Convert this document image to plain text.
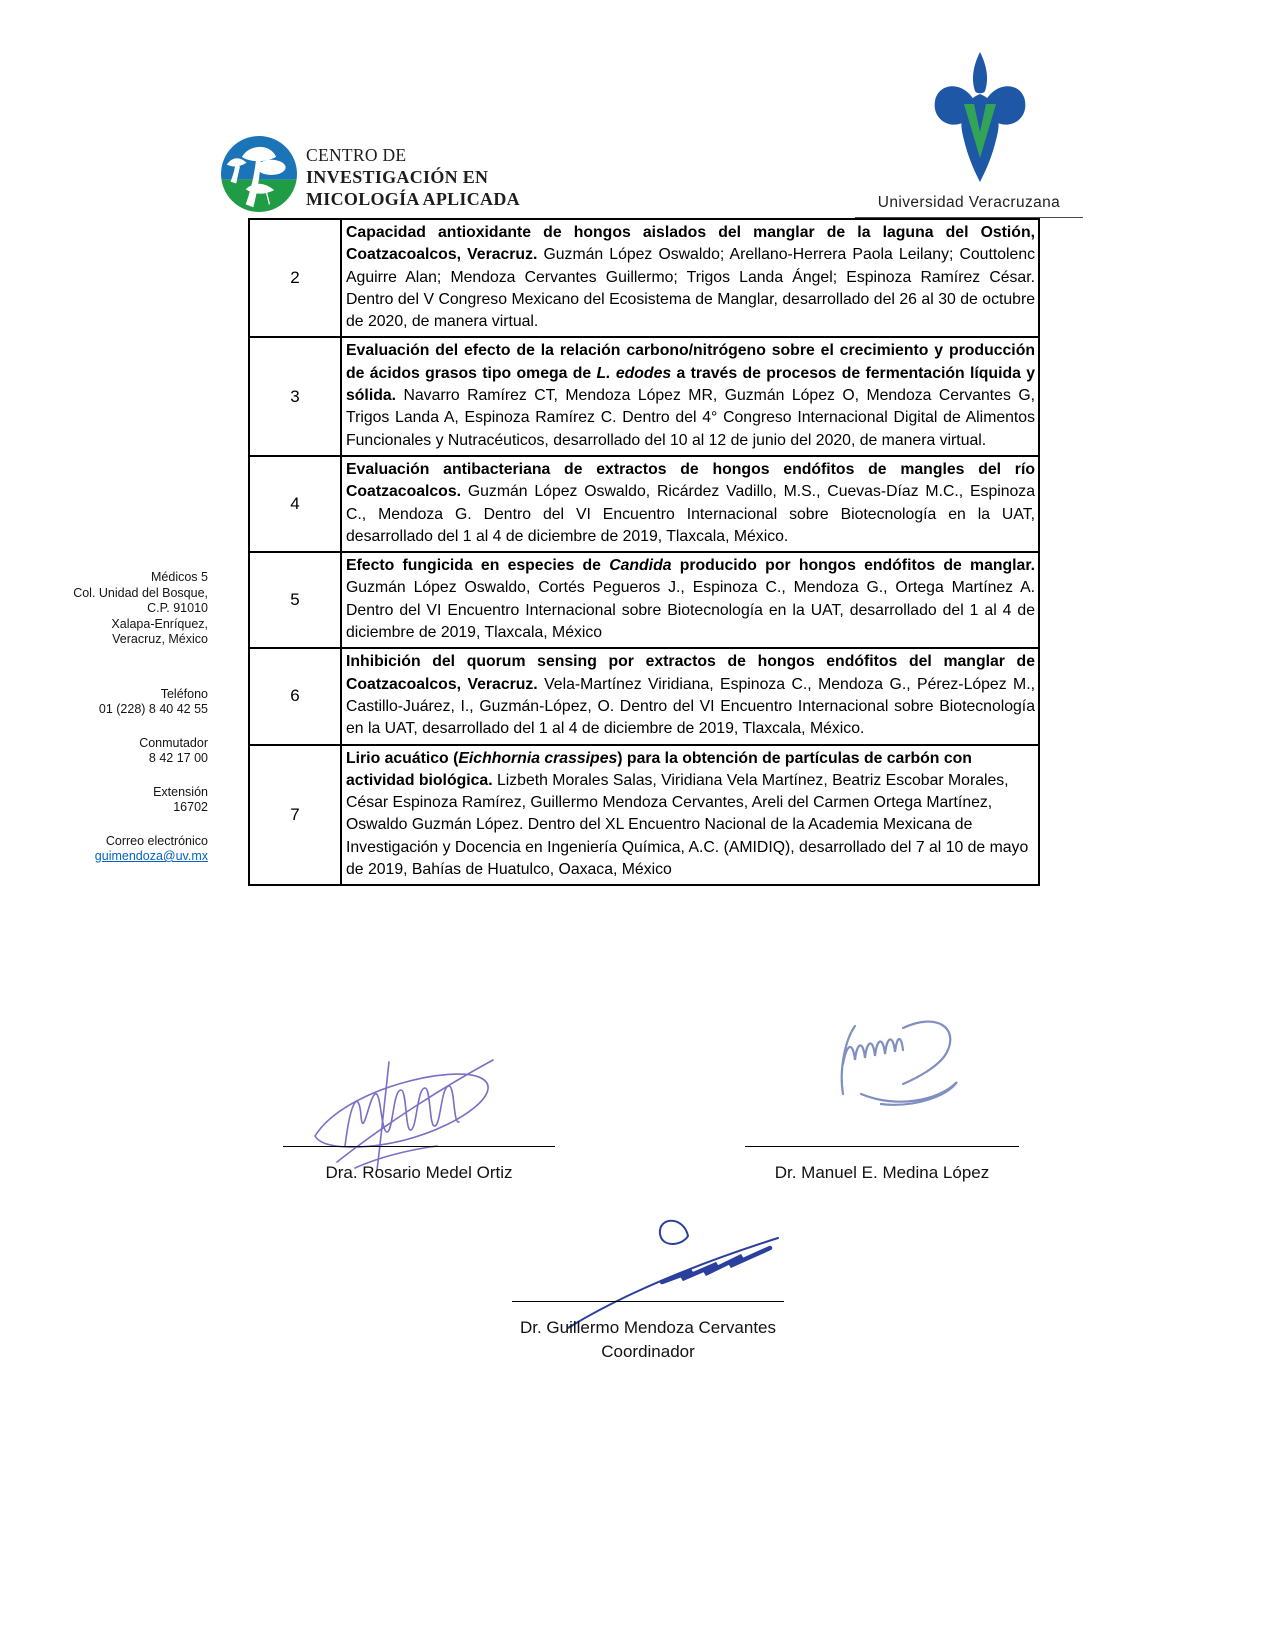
CENTRO DE
INVESTIGACIÓN EN
MICOLOGÍA APLICADA	Universidad Veracruzana
Médicos 5
Col. Unidad del Bosque,
C.P. 91010
Xalapa-Enríquez,
Veracruz, México
Teléfono
01 (228) 8 40 42 55
Conmutador
8 42 17 00
Extensión
16702
Correo electrónico
guimendoza@uv.mx
2	Capacidad antioxidante de hongos aislados del manglar de la laguna del Ostión, Coatzacoalcos, Veracruz. Guzmán López Oswaldo; Arellano-Herrera Paola Leilany; Couttolenc Aguirre Alan; Mendoza Cervantes Guillermo; Trigos Landa Ángel; Espinoza Ramírez César. Dentro del V Congreso Mexicano del Ecosistema de Manglar, desarrollado del 26 al 30 de octubre de 2020, de manera virtual.
3	Evaluación del efecto de la relación carbono/nitrógeno sobre el crecimiento y producción de ácidos grasos tipo omega de L. edodes a través de procesos de fermentación líquida y sólida. Navarro Ramírez CT, Mendoza López MR, Guzmán López O, Mendoza Cervantes G, Trigos Landa A, Espinoza Ramírez C. Dentro del 4° Congreso Internacional Digital de Alimentos Funcionales y Nutracéuticos, desarrollado del 10 al 12 de junio del 2020, de manera virtual.
4	Evaluación antibacteriana de extractos de hongos endófitos de mangles del río Coatzacoalcos. Guzmán López Oswaldo, Ricárdez Vadillo, M.S., Cuevas-Díaz M.C., Espinoza C., Mendoza G. Dentro del VI Encuentro Internacional sobre Biotecnología en la UAT, desarrollado del 1 al 4 de diciembre de 2019, Tlaxcala, México.
5	Efecto fungicida en especies de Candida producido por hongos endófitos de manglar. Guzmán López Oswaldo, Cortés Pegueros J., Espinoza C., Mendoza G., Ortega Martínez A. Dentro del VI Encuentro Internacional sobre Biotecnología en la UAT, desarrollado del 1 al 4 de diciembre de 2019, Tlaxcala, México
6	Inhibición del quorum sensing por extractos de hongos endófitos del manglar de Coatzacoalcos, Veracruz. Vela-Martínez Viridiana, Espinoza C., Mendoza G., Pérez-López M., Castillo-Juárez, I., Guzmán-López, O. Dentro del VI Encuentro Internacional sobre Biotecnología en la UAT, desarrollado del 1 al 4 de diciembre de 2019, Tlaxcala, México.
7	Lirio acuático (Eichhornia crassipes) para la obtención de partículas de carbón con actividad biológica. Lizbeth Morales Salas, Viridiana Vela Martínez, Beatriz Escobar Morales, César Espinoza Ramírez, Guillermo Mendoza Cervantes, Areli del Carmen Ortega Martínez, Oswaldo Guzmán López. Dentro del XL Encuentro Nacional de la Academia Mexicana de Investigación y Docencia en Ingeniería Química, A.C. (AMIDIQ), desarrollado del 7 al 10 de mayo de 2019, Bahías de Huatulco, Oaxaca, México
Dra. Rosario Medel Ortiz	Dr. Manuel E. Medina López
Dr. Guillermo Mendoza Cervantes
Coordinador
